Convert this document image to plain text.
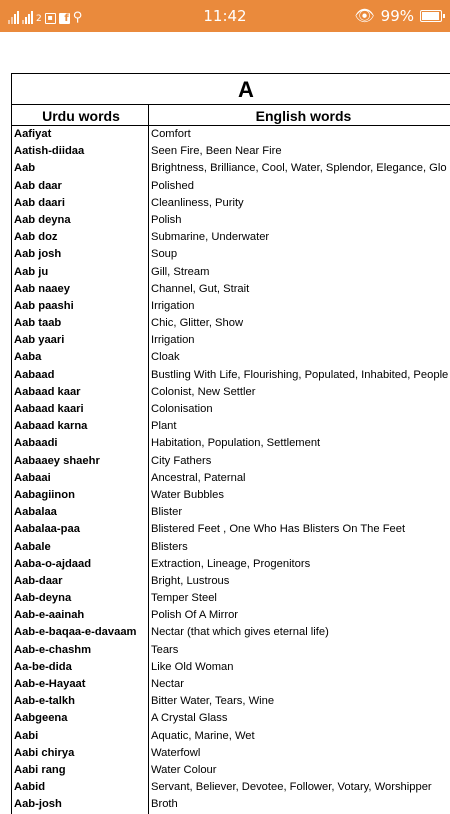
2 ▪	f ⚲	11:42	👁 99%
A
Urdu words	English words
Aafiyat	Comfort
Aatish-diidaa	Seen Fire, Been Near Fire
Aab	Brightness, Brilliance, Cool, Water, Splendor, Elegance, Glo
Aab daar	Polished
Aab daari	Cleanliness, Purity
Aab deyna	Polish
Aab doz	Submarine, Underwater
Aab josh	Soup
Aab ju	Gill, Stream
Aab naaey	Channel, Gut, Strait
Aab paashi	Irrigation
Aab taab	Chic, Glitter, Show
Aab yaari	Irrigation
Aaba	Cloak
Aabaad	Bustling With Life, Flourishing, Populated, Inhabited, People
Aabaad kaar	Colonist, New Settler
Aabaad kaari	Colonisation
Aabaad karna	Plant
Aabaadi	Habitation, Population, Settlement
Aabaaey shaehr	City Fathers
Aabaai	Ancestral, Paternal
Aabagiinon	Water Bubbles
Aabalaa	Blister
Aabalaa-paa	Blistered Feet , One Who Has Blisters On The Feet
Aabale	Blisters
Aaba-o-ajdaad	Extraction, Lineage, Progenitors
Aab-daar	Bright, Lustrous
Aab-deyna	Temper Steel
Aab-e-aainah	Polish Of A Mirror
Aab-e-baqaa-e-davaam	Nectar (that which gives eternal life)
Aab-e-chashm	Tears
Aa-be-dida	Like Old Woman
Aab-e-Hayaat	Nectar
Aab-e-talkh	Bitter Water, Tears, Wine
Aabgeena	A Crystal Glass
Aabi	Aquatic, Marine, Wet
Aabi chirya	Waterfowl
Aabi rang	Water Colour
Aabid	Servant, Believer, Devotee, Follower, Votary, Worshipper
Aab-josh	Broth
